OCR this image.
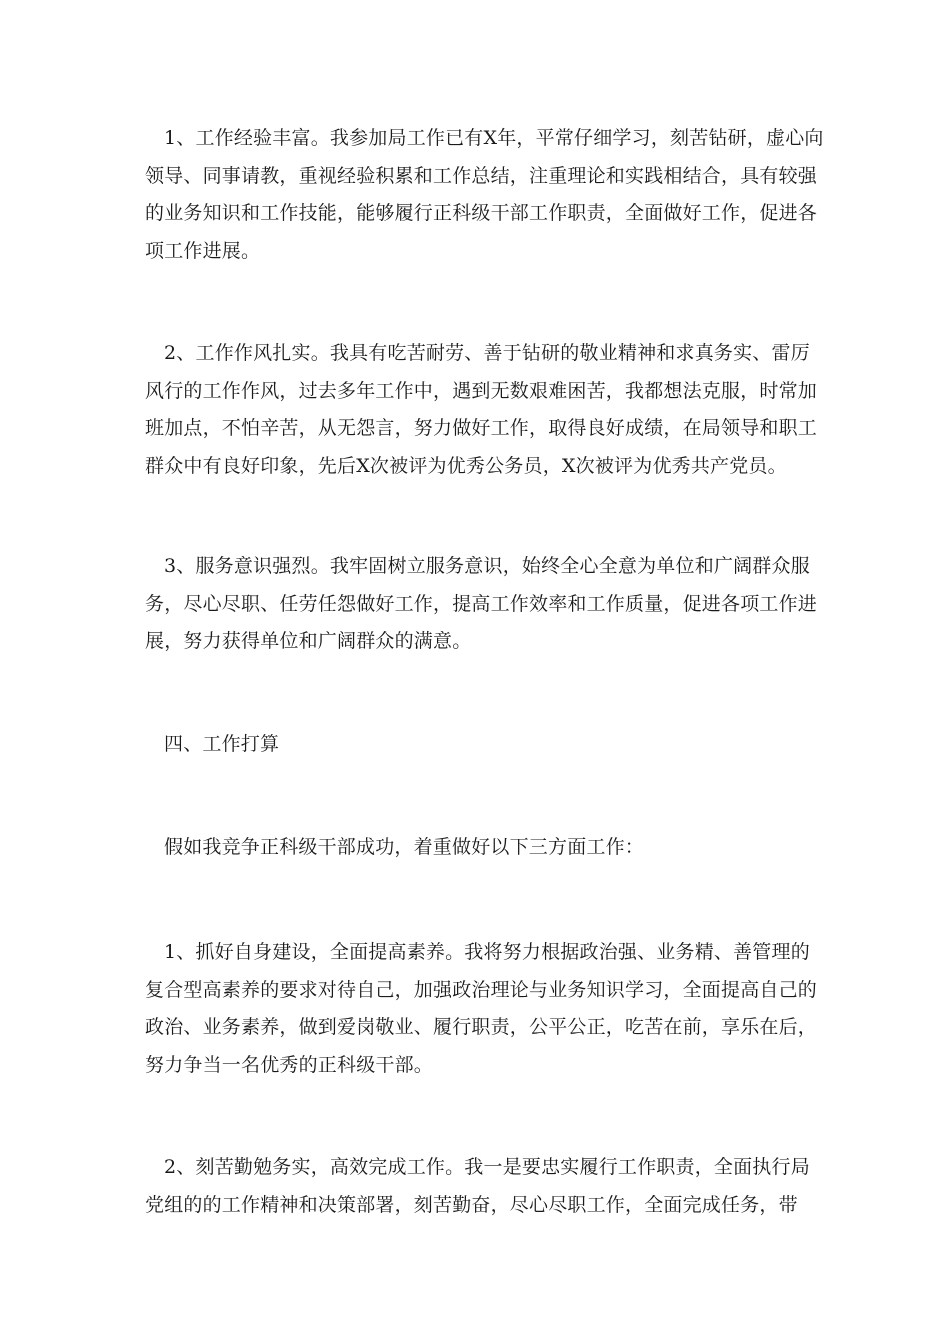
1、工作经验丰富。我参加局工作已有X年，平常仔细学习，刻苦钻研，虚心向领导、同事请教，重视经验积累和工作总结，注重理论和实践相结合，具有较强的业务知识和工作技能，能够履行正科级干部工作职责，全面做好工作，促进各项工作进展。

2、工作作风扎实。我具有吃苦耐劳、善于钻研的敬业精神和求真务实、雷厉风行的工作作风，过去多年工作中，遇到无数艰难困苦，我都想法克服，时常加班加点，不怕辛苦，从无怨言，努力做好工作，取得良好成绩，在局领导和职工群众中有良好印象，先后X次被评为优秀公务员，X次被评为优秀共产党员。

3、服务意识强烈。我牢固树立服务意识，始终全心全意为单位和广阔群众服务，尽心尽职、任劳任怨做好工作，提高工作效率和工作质量，促进各项工作进展，努力获得单位和广阔群众的满意。

四、工作打算

假如我竞争正科级干部成功，着重做好以下三方面工作：

1、抓好自身建设，全面提高素养。我将努力根据政治强、业务精、善管理的复合型高素养的要求对待自己，加强政治理论与业务知识学习，全面提高自己的政治、业务素养，做到爱岗敬业、履行职责，公平公正，吃苦在前，享乐在后，努力争当一名优秀的正科级干部。

2、刻苦勤勉务实，高效完成工作。我一是要忠实履行工作职责，全面执行局党组的的工作精神和决策部署，刻苦勤奋，尽心尽职工作，全面完成任务，带
